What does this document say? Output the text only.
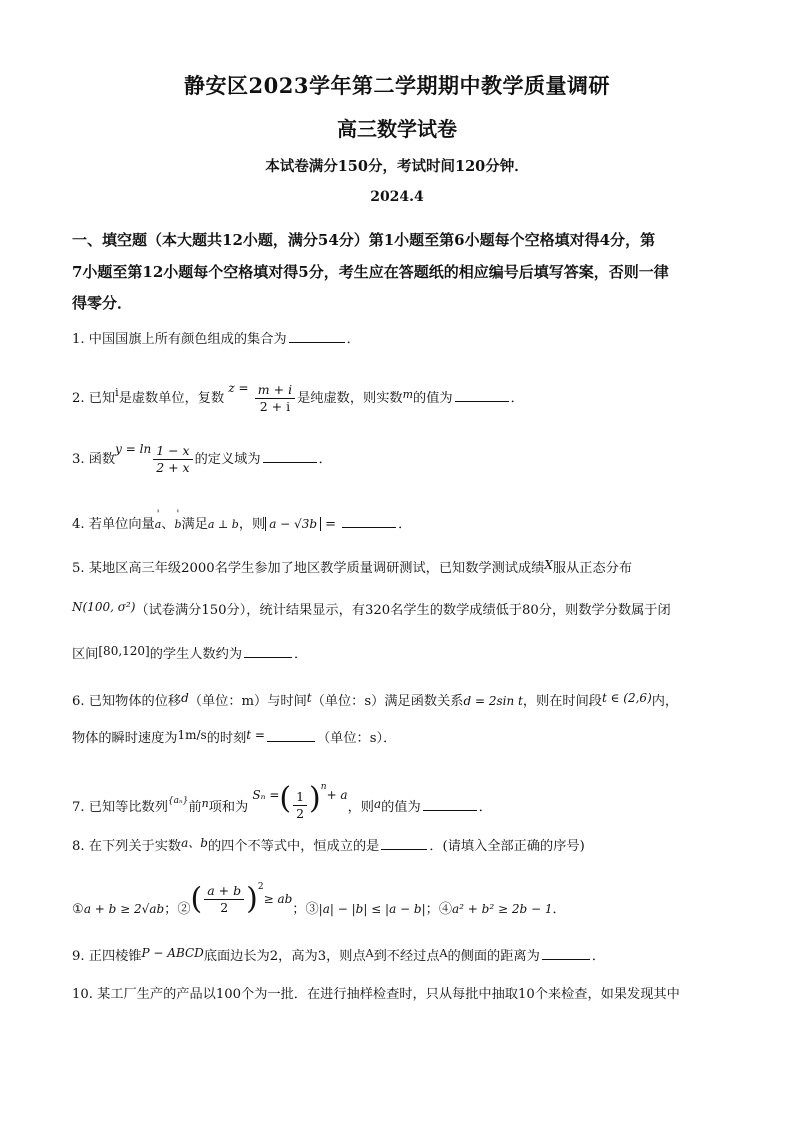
静安区2023学年第二学期期中教学质量调研
高三数学试卷
本试卷满分150分，考试时间120分钟．
2024.4
一、填空题（本大题共12小题，满分54分）第1小题至第6小题每个空格填对得4分，第
7小题至第12小题每个空格填对得5分，考生应在答题纸的相应编号后填写答案，否则一律
得零分．
1. 中国国旗上所有颜色组成的集合为	．
2. 已知$^i$是虚数单位，复数 $z = \frac{m + i}{2 + i}$ 是纯虚数，则实数$^m$的值为	．
3. 函数$y = \ln \frac{1 - x}{2 + x}$ 的定义域为	．
4. 若单位向量' a、' b满足a ⊥ b，则 a − √3b =	．
5. 某地区高三年级2000名学生参加了地区教学质量调研测试，已知数学测试成绩X服从正态分布
N(100, σ²)（试卷满分150分），统计结果显示，有320名学生的数学成绩低于80分，则数学分数属于闭
区间[80,120]的学生人数约为	．
6. 已知物体的位移d（单位：m）与时间t（单位：s）满足函数关系d = 2sin t，则在时间段t ∈ (2,6)内，
物体的瞬时速度为1m/s的时刻t =	（单位：s）．
7. 已知等比数列$^{\{a_n\}}$前$^n$项和为 Sₙ =( $\frac{1}{2} )^n+ a$，则a的值为	．
8. 在下列关于实数a、b的四个不等式中，恒成立的是	．(请填入全部正确的序号)
①a + b ≥ 2√ab；②( $\frac{a + b}{2} )^2\ge$ ab；③|a| − |b| ≤ |a − b|；④a² + b² ≥ 2b − 1．
9. 正四棱锥P − ABCD底面边长为2，高为3，则点$^A$到不经过点$^A$的侧面的距离为	．
10. 某工厂生产的产品以100个为一批．在进行抽样检查时，只从每批中抽取10个来检查，如果发现其中
